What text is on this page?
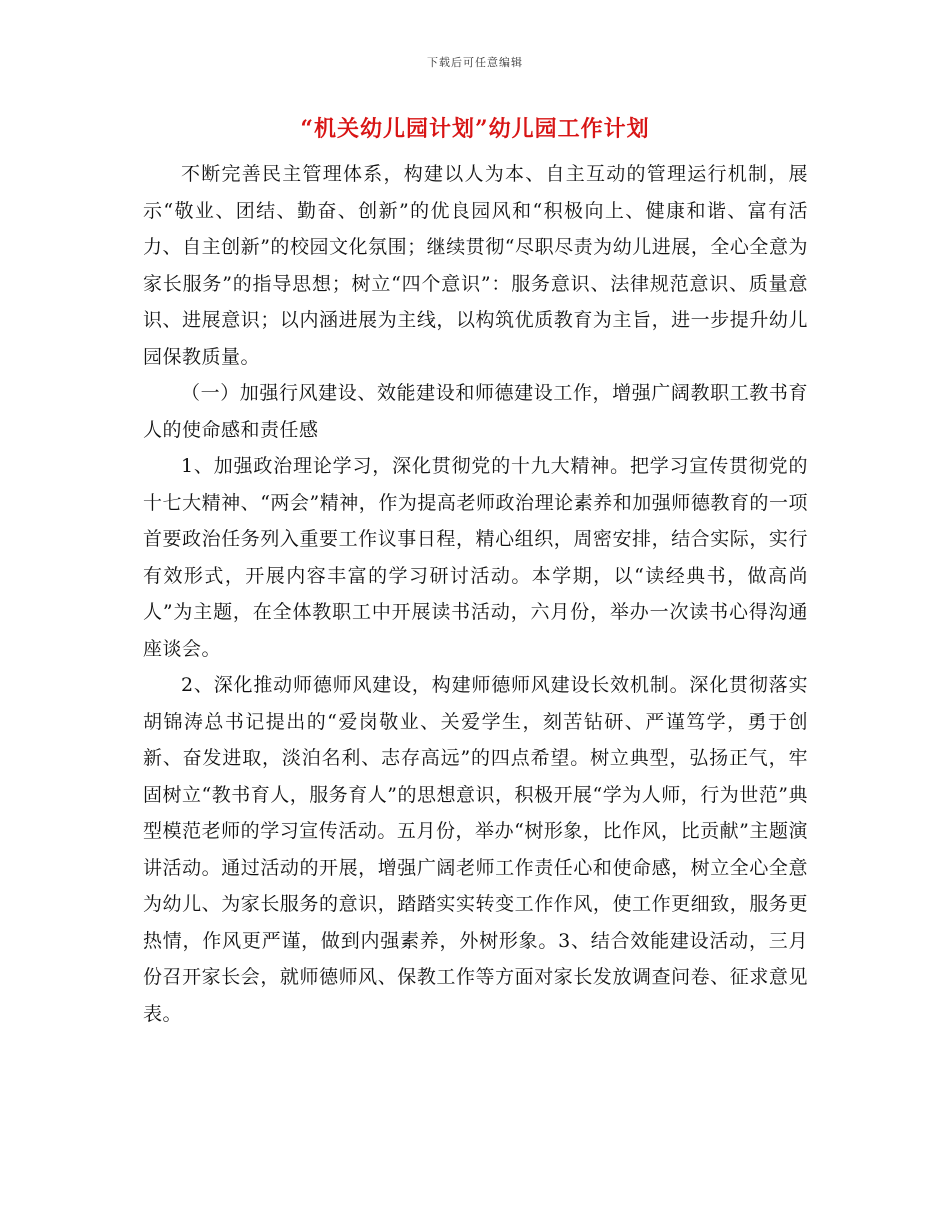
下载后可任意编辑
“机关幼儿园计划”幼儿园工作计划

不断完善民主管理体系，构建以人为本、自主互动的管理运行机制，展示“敬业、团结、勤奋、创新”的优良园风和“积极向上、健康和谐、富有活力、自主创新”的校园文化氛围；继续贯彻“尽职尽责为幼儿进展，全心全意为家长服务”的指导思想；树立“四个意识”：服务意识、法律规范意识、质量意识、进展意识；以内涵进展为主线，以构筑优质教育为主旨，进一步提升幼儿园保教质量。

（一）加强行风建设、效能建设和师德建设工作，增强广阔教职工教书育人的使命感和责任感

1、加强政治理论学习，深化贯彻党的十九大精神。把学习宣传贯彻党的十七大精神、“两会”精神，作为提高老师政治理论素养和加强师德教育的一项首要政治任务列入重要工作议事日程，精心组织，周密安排，结合实际，实行有效形式，开展内容丰富的学习研讨活动。本学期，以“读经典书，做高尚人”为主题，在全体教职工中开展读书活动，六月份，举办一次读书心得沟通座谈会。

2、深化推动师德师风建设，构建师德师风建设长效机制。深化贯彻落实胡锦涛总书记提出的“爱岗敬业、关爱学生，刻苦钻研、严谨笃学，勇于创新、奋发进取，淡泊名利、志存高远”的四点希望。树立典型，弘扬正气，牢固树立“教书育人，服务育人”的思想意识，积极开展“学为人师，行为世范”典型模范老师的学习宣传活动。五月份，举办“树形象，比作风，比贡献”主题演讲活动。通过活动的开展，增强广阔老师工作责任心和使命感，树立全心全意为幼儿、为家长服务的意识，踏踏实实转变工作作风，使工作更细致，服务更热情，作风更严谨，做到内强素养，外树形象。3、结合效能建设活动，三月份召开家长会，就师德师风、保教工作等方面对家长发放调查问卷、征求意见表。
